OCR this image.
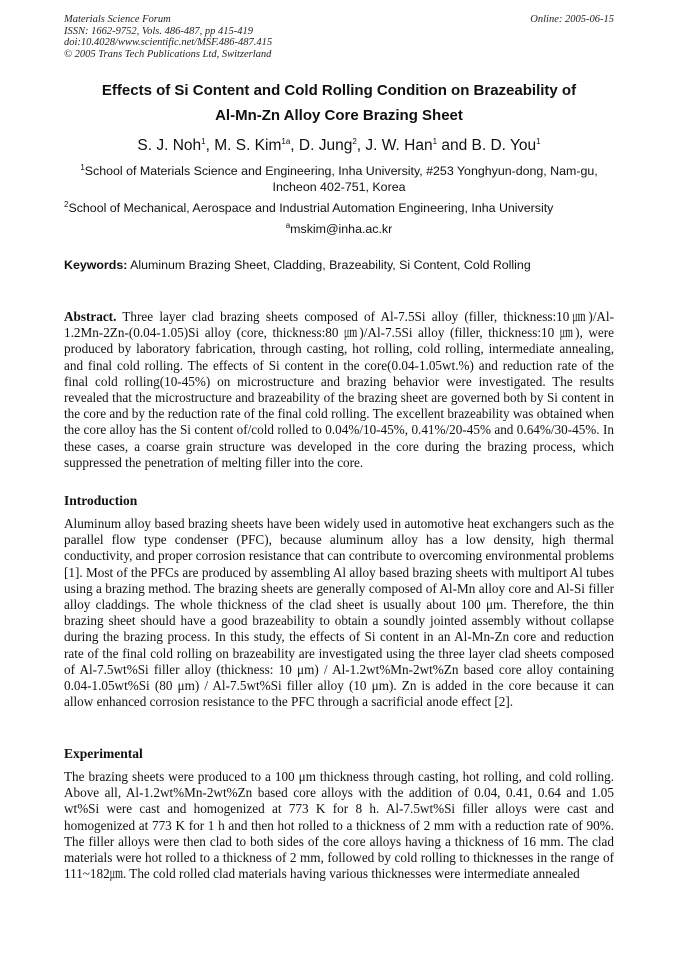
Materials Science Forum
ISSN: 1662-9752, Vols. 486-487, pp 415-419
doi:10.4028/www.scientific.net/MSF.486-487.415
© 2005 Trans Tech Publications Ltd, Switzerland
Online: 2005-06-15
Effects of Si Content and Cold Rolling Condition on Brazeability of
Al-Mn-Zn Alloy Core Brazing Sheet
S. J. Noh$^1$, M. S. Kim$^{1a}$, D. Jung$^2$, J. W. Han$^1$ and B. D. You$^1$
$^1$School of Materials Science and Engineering, Inha University, #253 Yonghyun-dong, Nam-gu, Incheon 402-751, Korea
$^2$School of Mechanical, Aerospace and Industrial Automation Engineering, Inha University
$^a$mskim@inha.ac.kr
Keywords: Aluminum Brazing Sheet, Cladding, Brazeability, Si Content, Cold Rolling
Abstract. Three layer clad brazing sheets composed of Al-7.5Si alloy (filler, thickness:10㎛)/Al-1.2Mn-2Zn-(0.04-1.05)Si alloy (core, thickness:80 ㎛)/Al-7.5Si alloy (filler, thickness:10 ㎛), were produced by laboratory fabrication, through casting, hot rolling, cold rolling, intermediate annealing, and final cold rolling. The effects of Si content in the core(0.04-1.05wt.%) and reduction rate of the final cold rolling(10-45%) on microstructure and brazing behavior were investigated. The results revealed that the microstructure and brazeability of the brazing sheet are governed both by Si content in the core and by the reduction rate of the final cold rolling. The excellent brazeability was obtained when the core alloy has the Si content of/cold rolled to 0.04%/10-45%, 0.41%/20-45% and 0.64%/30-45%. In these cases, a coarse grain structure was developed in the core during the brazing process, which suppressed the penetration of melting filler into the core.
Introduction
Aluminum alloy based brazing sheets have been widely used in automotive heat exchangers such as the parallel flow type condenser (PFC), because aluminum alloy has a low density, high thermal conductivity, and proper corrosion resistance that can contribute to overcoming environmental problems [1]. Most of the PFCs are produced by assembling Al alloy based brazing sheets with multiport Al tubes using a brazing method. The brazing sheets are generally composed of Al-Mn alloy core and Al-Si filler alloy claddings. The whole thickness of the clad sheet is usually about 100 μm. Therefore, the thin brazing sheet should have a good brazeability to obtain a soundly jointed assembly without collapse during the brazing process. In this study, the effects of Si content in an Al-Mn-Zn core and reduction rate of the final cold rolling on brazeability are investigated using the three layer clad sheets composed of Al-7.5wt%Si filler alloy (thickness: 10 μm) / Al-1.2wt%Mn-2wt%Zn based core alloy containing 0.04-1.05wt%Si (80 μm) / Al-7.5wt%Si filler alloy (10 μm). Zn is added in the core because it can allow enhanced corrosion resistance to the PFC through a sacrificial anode effect [2].
Experimental
The brazing sheets were produced to a 100 μm thickness through casting, hot rolling, and cold rolling. Above all, Al-1.2wt%Mn-2wt%Zn based core alloys with the addition of 0.04, 0.41, 0.64 and 1.05 wt%Si were cast and homogenized at 773 K for 8 h. Al-7.5wt%Si filler alloys were cast and homogenized at 773 K for 1 h and then hot rolled to a thickness of 2 mm with a reduction rate of 90%. The filler alloys were then clad to both sides of the core alloys having a thickness of 16 mm. The clad materials were hot rolled to a thickness of 2 mm, followed by cold rolling to thicknesses in the range of 111~182㎛. The cold rolled clad materials having various thicknesses were intermediate annealed
